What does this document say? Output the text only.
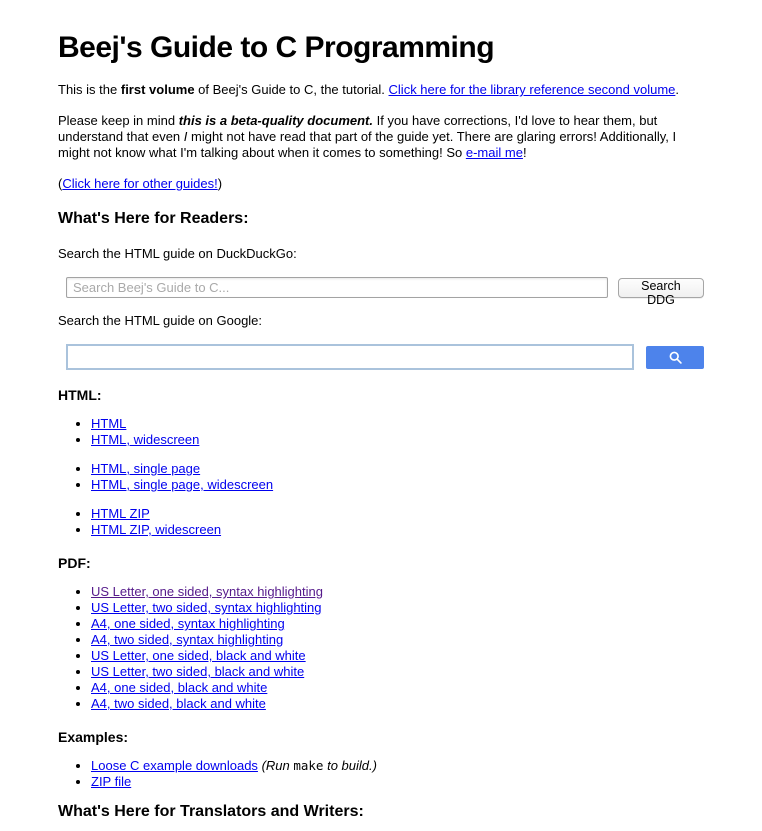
Beej's Guide to C Programming

This is the first volume of Beej's Guide to C, the tutorial. Click here for the library reference second volume.

Please keep in mind this is a beta-quality document. If you have corrections, I'd love to hear them, but understand that even I might not have read that part of the guide yet. There are glaring errors! Additionally, I might not know what I'm talking about when it comes to something! So e-mail me!

(Click here for other guides!)

What's Here for Readers:

Search the HTML guide on DuckDuckGo:

Search Beej's Guide to C...
Search DDG

Search the HTML guide on Google:

HTML:
• HTML
• HTML, widescreen
• HTML, single page
• HTML, single page, widescreen
• HTML ZIP
• HTML ZIP, widescreen
PDF:
• US Letter, one sided, syntax highlighting
• US Letter, two sided, syntax highlighting
• A4, one sided, syntax highlighting
• A4, two sided, syntax highlighting
• US Letter, one sided, black and white
• US Letter, two sided, black and white
• A4, one sided, black and white
• A4, two sided, black and white
Examples:
• Loose C example downloads (Run make to build.)
• ZIP file
What's Here for Translators and Writers:
